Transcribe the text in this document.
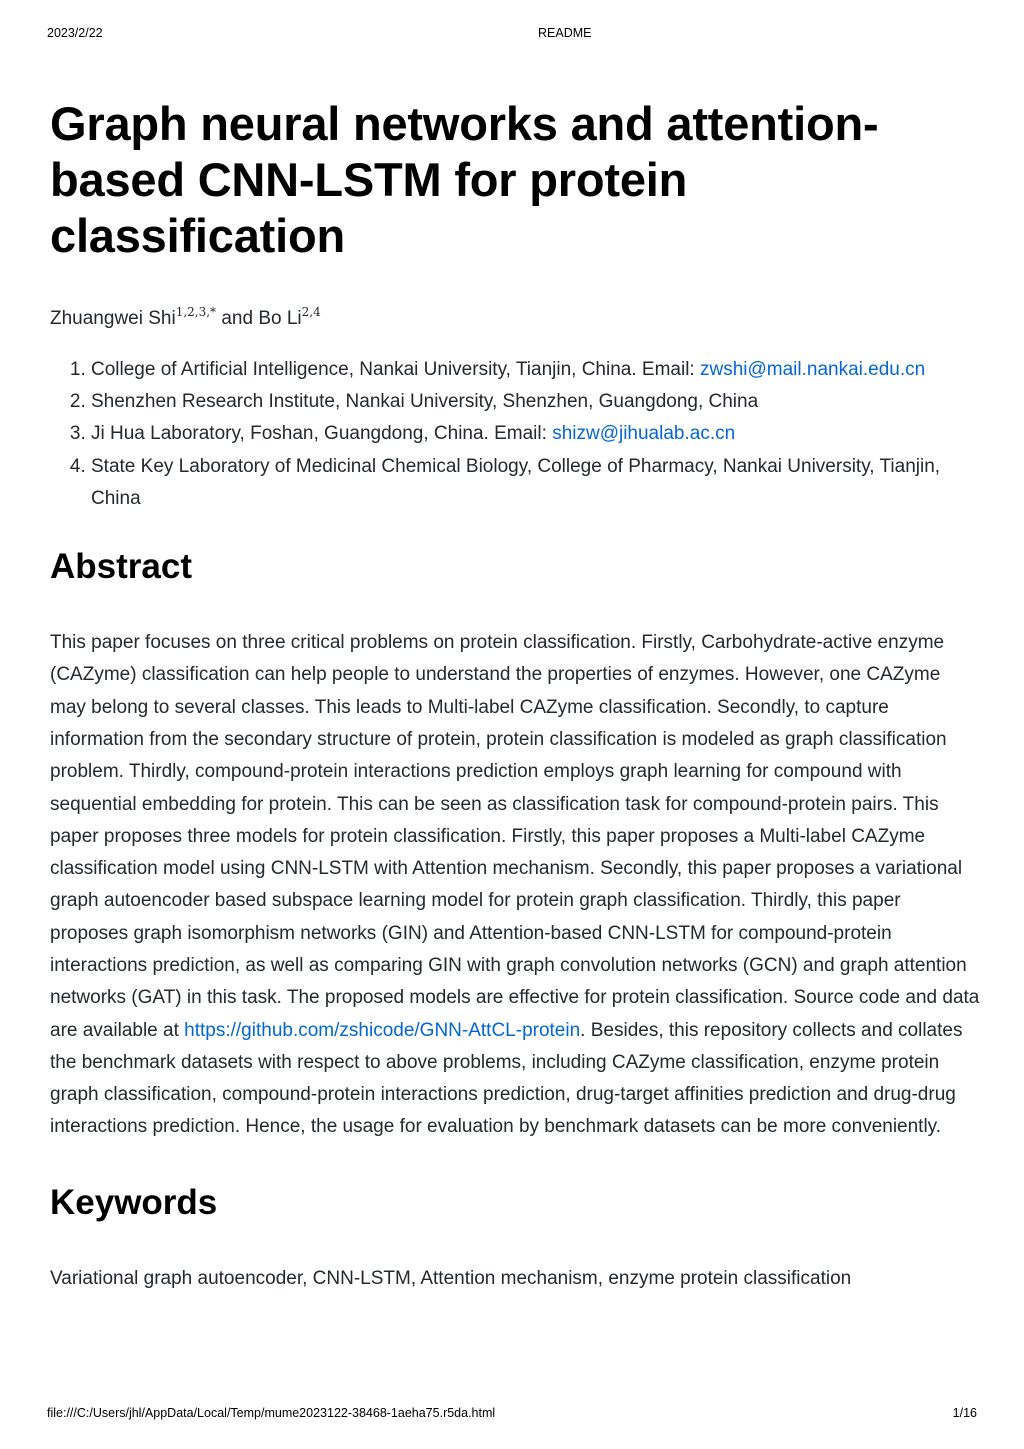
2023/2/22	README
Graph neural networks and attention-based CNN-LSTM for protein classification
Zhuangwei Shi$^{1,2,3,*}$ and Bo Li$^{2,4}$
1. College of Artificial Intelligence, Nankai University, Tianjin, China. Email: zwshi@mail.nankai.edu.cn
2. Shenzhen Research Institute, Nankai University, Shenzhen, Guangdong, China
3. Ji Hua Laboratory, Foshan, Guangdong, China. Email: shizw@jihualab.ac.cn
4. State Key Laboratory of Medicinal Chemical Biology, College of Pharmacy, Nankai University, Tianjin, China
Abstract

This paper focuses on three critical problems on protein classification. Firstly, Carbohydrate-active enzyme (CAZyme) classification can help people to understand the properties of enzymes. However, one CAZyme may belong to several classes. This leads to Multi-label CAZyme classification. Secondly, to capture information from the secondary structure of protein, protein classification is modeled as graph classification problem. Thirdly, compound-protein interactions prediction employs graph learning for compound with sequential embedding for protein. This can be seen as classification task for compound-protein pairs. This paper proposes three models for protein classification. Firstly, this paper proposes a Multi-label CAZyme classification model using CNN-LSTM with Attention mechanism. Secondly, this paper proposes a variational graph autoencoder based subspace learning model for protein graph classification. Thirdly, this paper proposes graph isomorphism networks (GIN) and Attention-based CNN-LSTM for compound-protein interactions prediction, as well as comparing GIN with graph convolution networks (GCN) and graph attention networks (GAT) in this task. The proposed models are effective for protein classification. Source code and data are available at https://github.com/zshicode/GNN-AttCL-protein. Besides, this repository collects and collates the benchmark datasets with respect to above problems, including CAZyme classification, enzyme protein graph classification, compound-protein interactions prediction, drug-target affinities prediction and drug-drug interactions prediction. Hence, the usage for evaluation by benchmark datasets can be more conveniently.

Keywords

Variational graph autoencoder, CNN-LSTM, Attention mechanism, enzyme protein classification

file:///C:/Users/jhl/AppData/Local/Temp/mume2023122-38468-1aeha75.r5da.html	1/16
